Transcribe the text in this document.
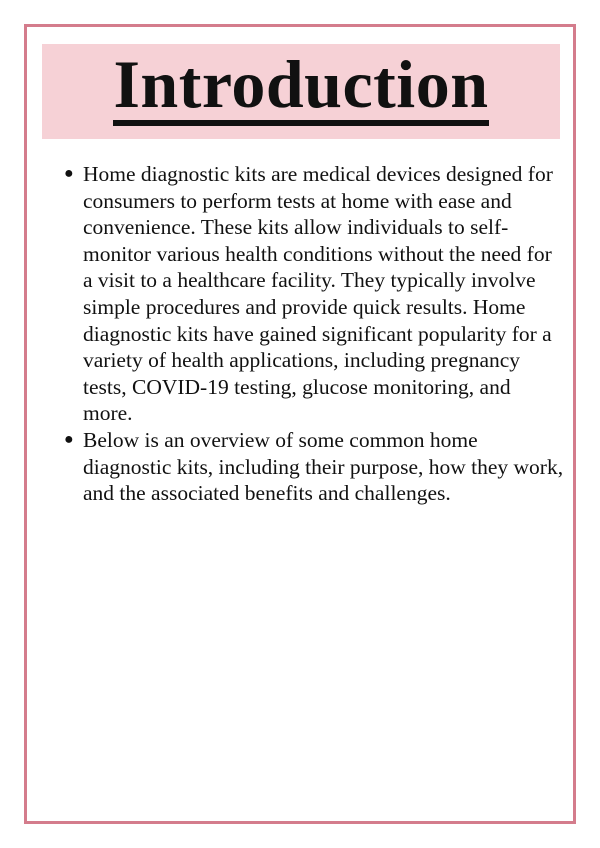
Introduction
● Home diagnostic kits are medical devices designed for consumers to perform tests at home with ease and convenience. These kits allow individuals to self-monitor various health conditions without the need for a visit to a healthcare facility. They typically involve simple procedures and provide quick results. Home diagnostic kits have gained significant popularity for a variety of health applications, including pregnancy tests, COVID-19 testing, glucose monitoring, and more.
● Below is an overview of some common home diagnostic kits, including their purpose, how they work, and the associated benefits and challenges.
